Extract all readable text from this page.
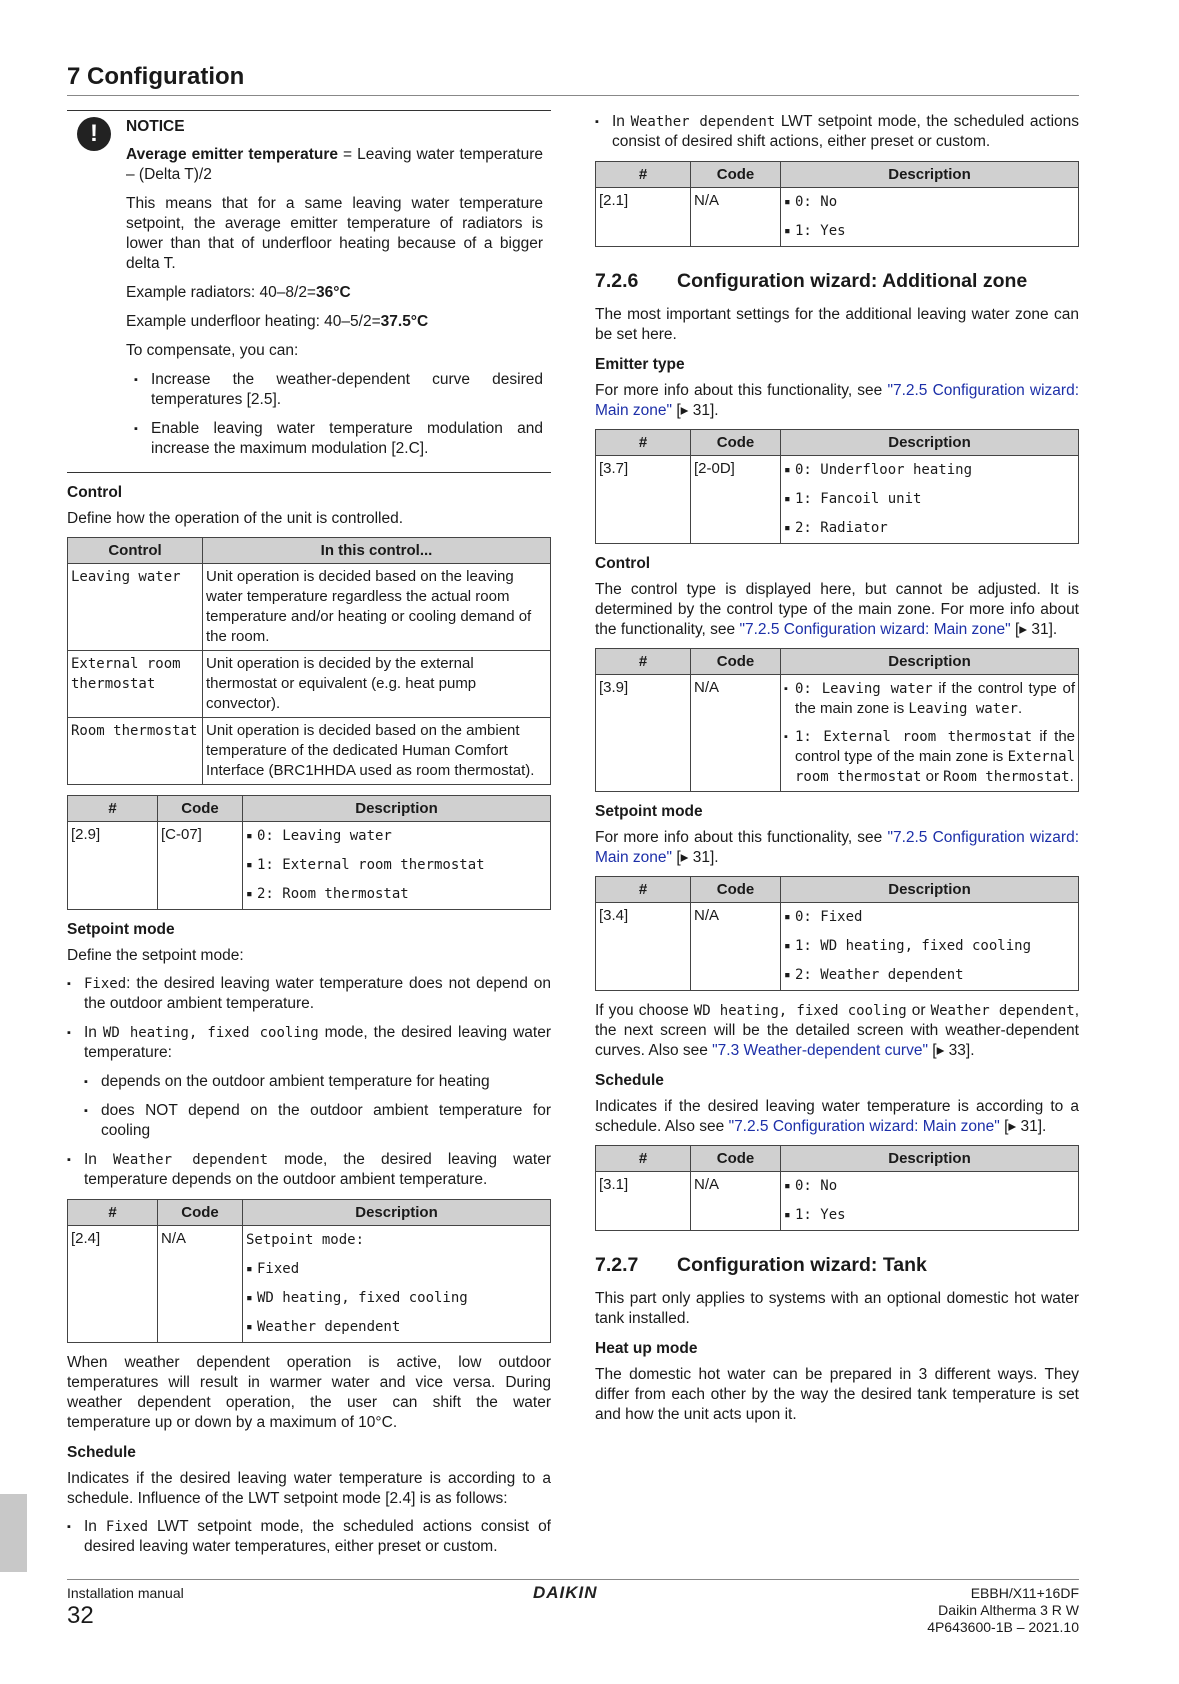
7 Configuration
!	NOTICE

Average emitter temperature = Leaving water temperature – (Delta T)/2

This means that for a same leaving water temperature setpoint, the average emitter temperature of radiators is lower than that of underfloor heating because of a bigger delta T.

Example radiators: 40–8/2=36°C

Example underfloor heating: 40–5/2=37.5°C

To compensate, you can:

▪ Increase the weather-dependent curve desired temperatures [2.5].
▪ Enable leaving water temperature modulation and increase the maximum modulation [2.C].
Control

Define how the operation of the unit is controlled.

Control	In this control...
Leaving water	Unit operation is decided based on the leaving water temperature regardless the actual room temperature and/or heating or cooling demand of the room.
External room thermostat	Unit operation is decided by the external thermostat or equivalent (e.g. heat pump convector).
Room thermostat	Unit operation is decided based on the ambient temperature of the dedicated Human Comfort Interface (BRC1HHDA used as room thermostat).
#	Code	Description
[2.9]	[C-07]	▪ 0: Leaving water
▪ 1: External room thermostat
▪ 2: Room thermostat
Setpoint mode

Define the setpoint mode:

▪ Fixed: the desired leaving water temperature does not depend on the outdoor ambient temperature.
▪ In WD heating, fixed cooling mode, the desired leaving water temperature:
▪ depends on the outdoor ambient temperature for heating
▪ does NOT depend on the outdoor ambient temperature for cooling
▪ In Weather dependent mode, the desired leaving water temperature depends on the outdoor ambient temperature.
#	Code	Description
[2.4]	N/A	Setpoint mode:
▪ Fixed
▪ WD heating, fixed cooling
▪ Weather dependent

When weather dependent operation is active, low outdoor temperatures will result in warmer water and vice versa. During weather dependent operation, the user can shift the water temperature up or down by a maximum of 10°C.

Schedule

Indicates if the desired leaving water temperature is according to a schedule. Influence of the LWT setpoint mode [2.4] is as follows:

▪ In Fixed LWT setpoint mode, the scheduled actions consist of desired leaving water temperatures, either preset or custom.
▪ In Weather dependent LWT setpoint mode, the scheduled actions consist of desired shift actions, either preset or custom.
#	Code	Description
[2.1]	N/A	▪ 0: No
▪ 1: Yes
7.2.6 Configuration wizard: Additional zone

The most important settings for the additional leaving water zone can be set here.

Emitter type

For more info about this functionality, see "7.2.5 Configuration wizard: Main zone" [▸ 31].

#	Code	Description
[3.7]	[2-0D]	▪ 0: Underfloor heating
▪ 1: Fancoil unit
▪ 2: Radiator
Control

The control type is displayed here, but cannot be adjusted. It is determined by the control type of the main zone. For more info about the functionality, see "7.2.5 Configuration wizard: Main zone" [▸ 31].

#	Code	Description
[3.9]	N/A	▪ 0: Leaving water if the control type of the main zone is Leaving water.
▪ 1: External room thermostat if the control type of the main zone is External room thermostat or Room thermostat.
Setpoint mode

For more info about this functionality, see "7.2.5 Configuration wizard: Main zone" [▸ 31].

#	Code	Description
[3.4]	N/A	▪ 0: Fixed
▪ 1: WD heating, fixed cooling
▪ 2: Weather dependent

If you choose WD heating, fixed cooling or Weather dependent, the next screen will be the detailed screen with weather-dependent curves. Also see "7.3 Weather-dependent curve" [▸ 33].

Schedule

Indicates if the desired leaving water temperature is according to a schedule. Also see "7.2.5 Configuration wizard: Main zone" [▸ 31].

#	Code	Description
[3.1]	N/A	▪ 0: No
▪ 1: Yes
7.2.7 Configuration wizard: Tank

This part only applies to systems with an optional domestic hot water tank installed.

Heat up mode

The domestic hot water can be prepared in 3 different ways. They differ from each other by the way the desired tank temperature is set and how the unit acts upon it.

Installation manual
32
DAIKIN	EBBH/X11+16DF
Daikin Altherma 3 R W
4P643600-1B – 2021.10
